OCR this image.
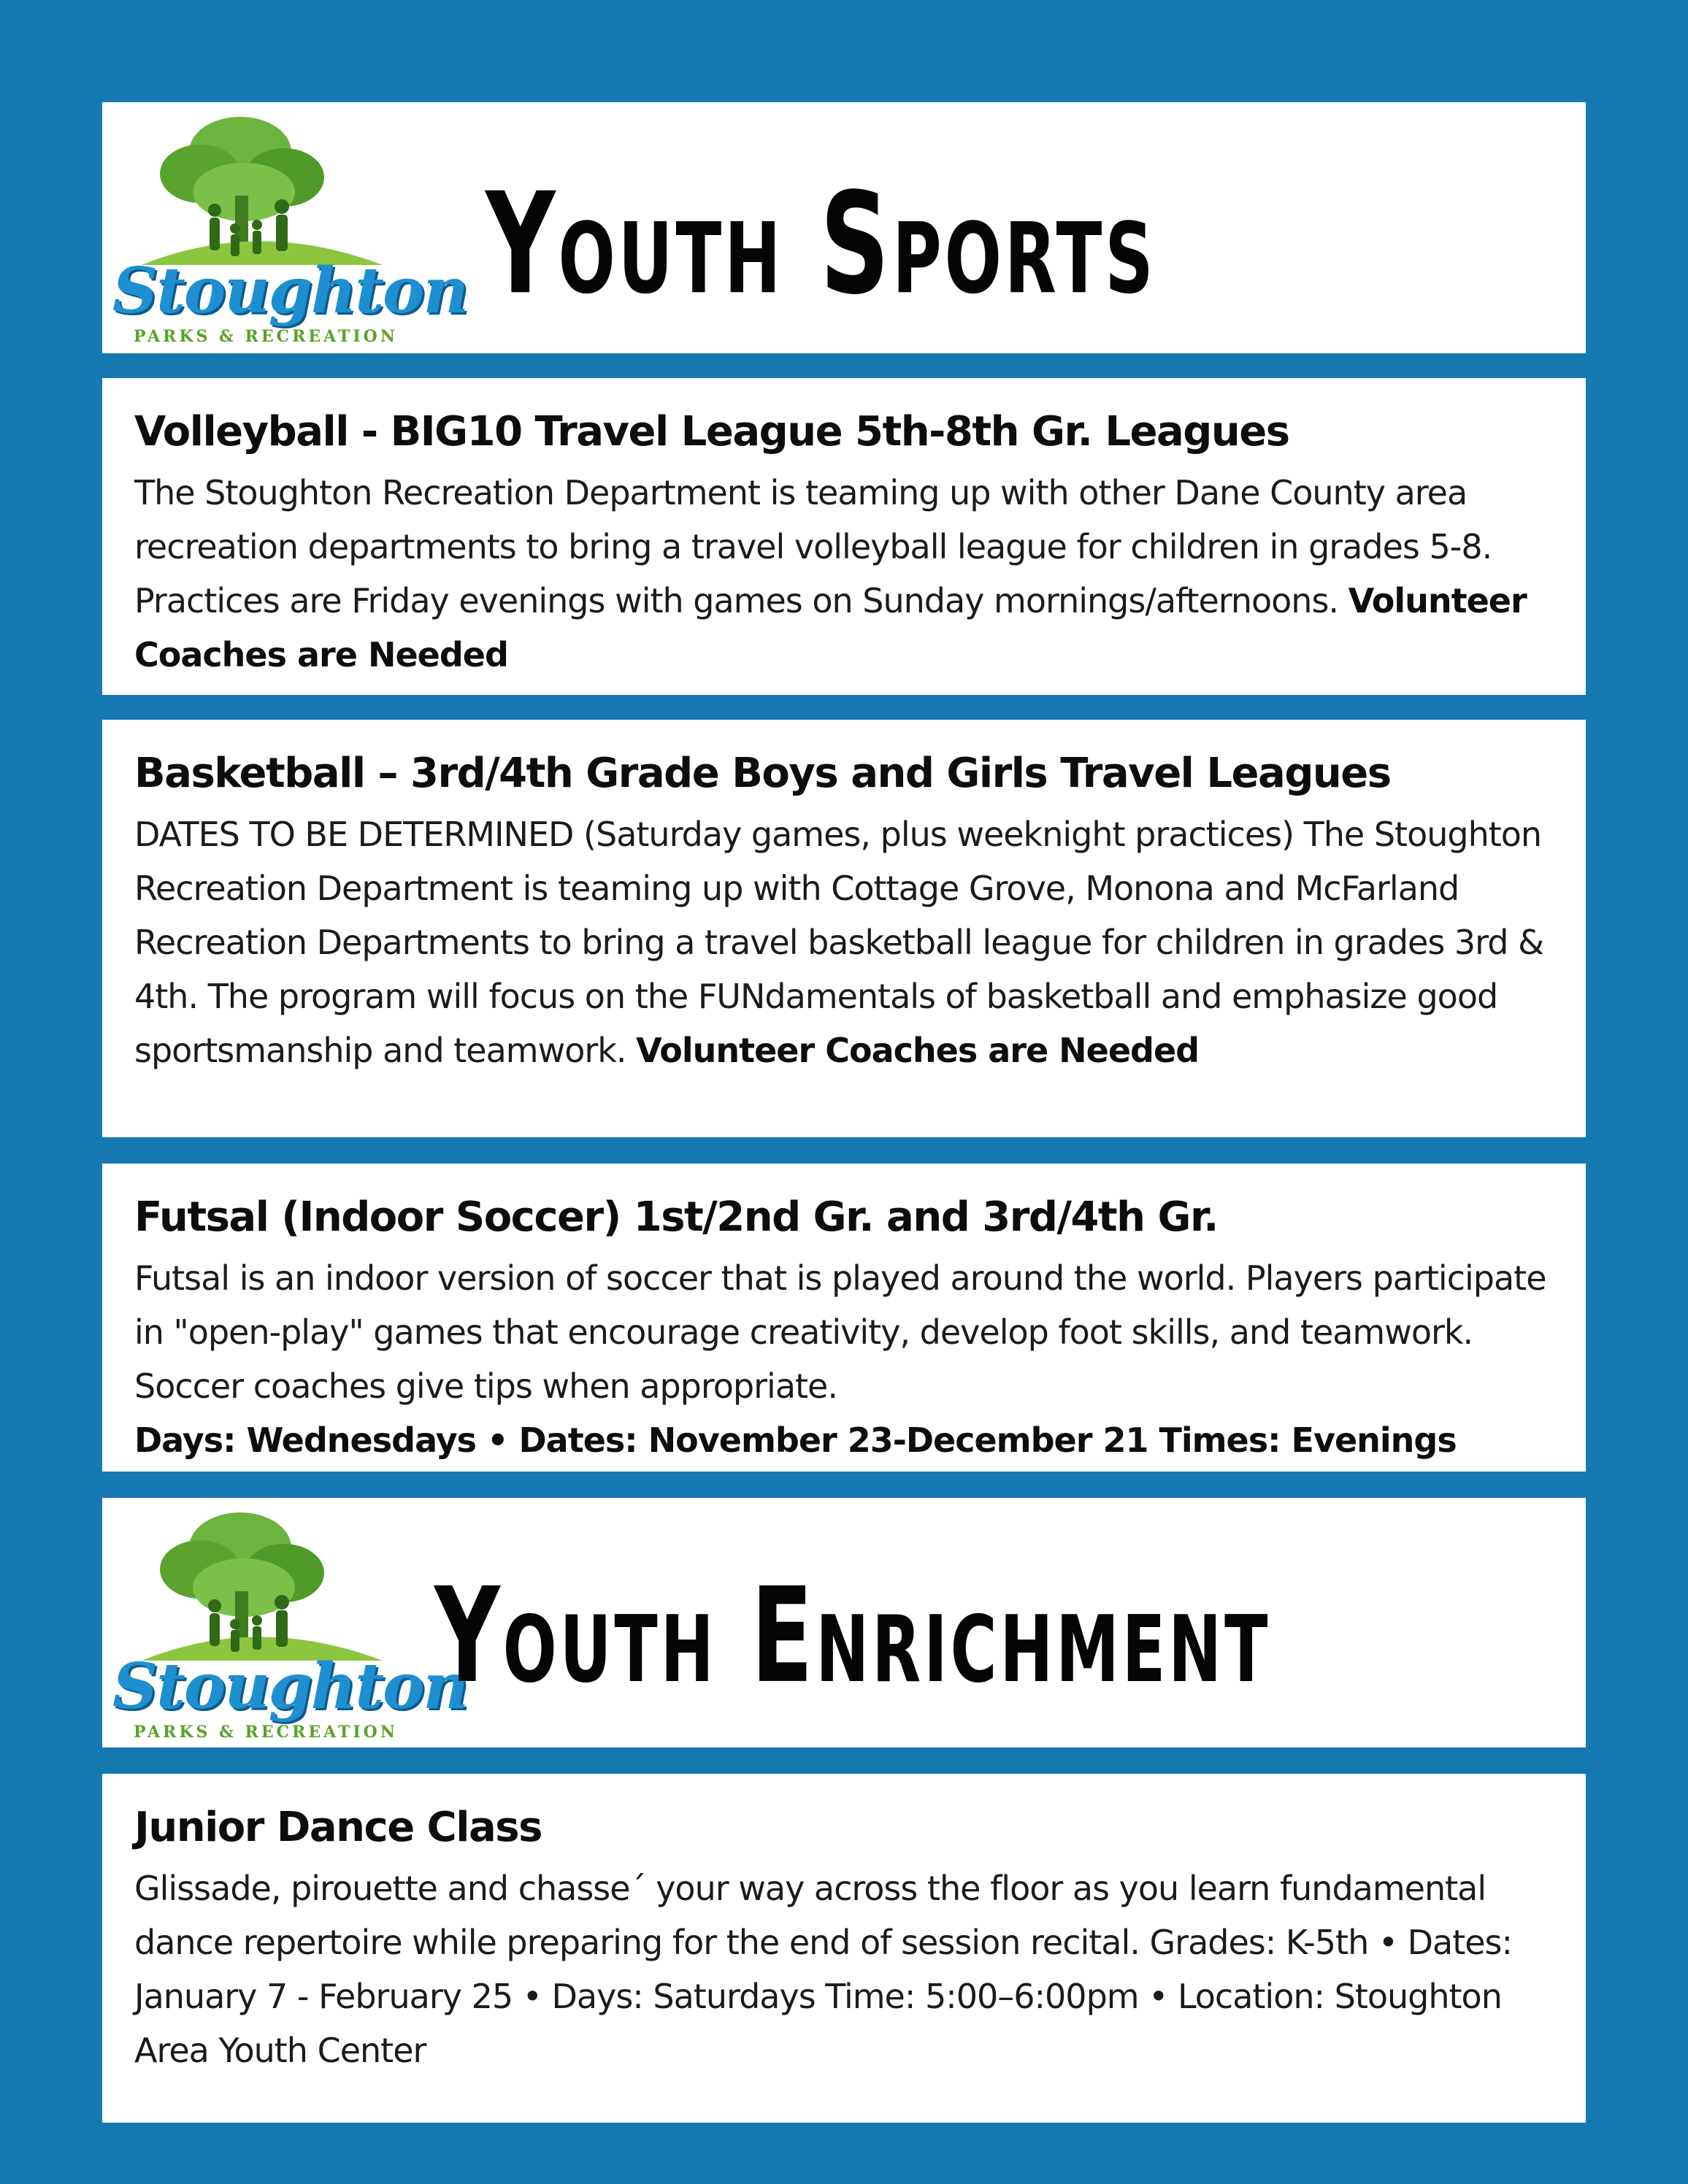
Stoughton
PARKS & RECREATION
Youth Sports
Volleyball - BIG10 Travel League 5th-8th Gr. Leagues
The Stoughton Recreation Department is teaming up with other Dane County area recreation departments to bring a travel volleyball league for children in grades 5-8. Practices are Friday evenings with games on Sunday mornings/afternoons. Volunteer Coaches are Needed
Basketball – 3rd/4th Grade Boys and Girls Travel Leagues
DATES TO BE DETERMINED (Saturday games, plus weeknight practices) The Stoughton Recreation Department is teaming up with Cottage Grove, Monona and McFarland Recreation Departments to bring a travel basketball league for children in grades 3rd & 4th. The program will focus on the FUNdamentals of basketball and emphasize good sportsmanship and teamwork. Volunteer Coaches are Needed
Futsal (Indoor Soccer) 1st/2nd Gr. and 3rd/4th Gr.
Futsal is an indoor version of soccer that is played around the world. Players participate in "open-play" games that encourage creativity, develop foot skills, and teamwork. Soccer coaches give tips when appropriate.
Days: Wednesdays • Dates: November 23-December 21 Times: Evenings
Stoughton
PARKS & RECREATION
Youth Enrichment
Junior Dance Class
Glissade, pirouette and chasse´ your way across the floor as you learn fundamental dance repertoire while preparing for the end of session recital. Grades: K-5th • Dates: January 7 - February 25 • Days: Saturdays Time: 5:00–6:00pm • Location: Stoughton Area Youth Center
